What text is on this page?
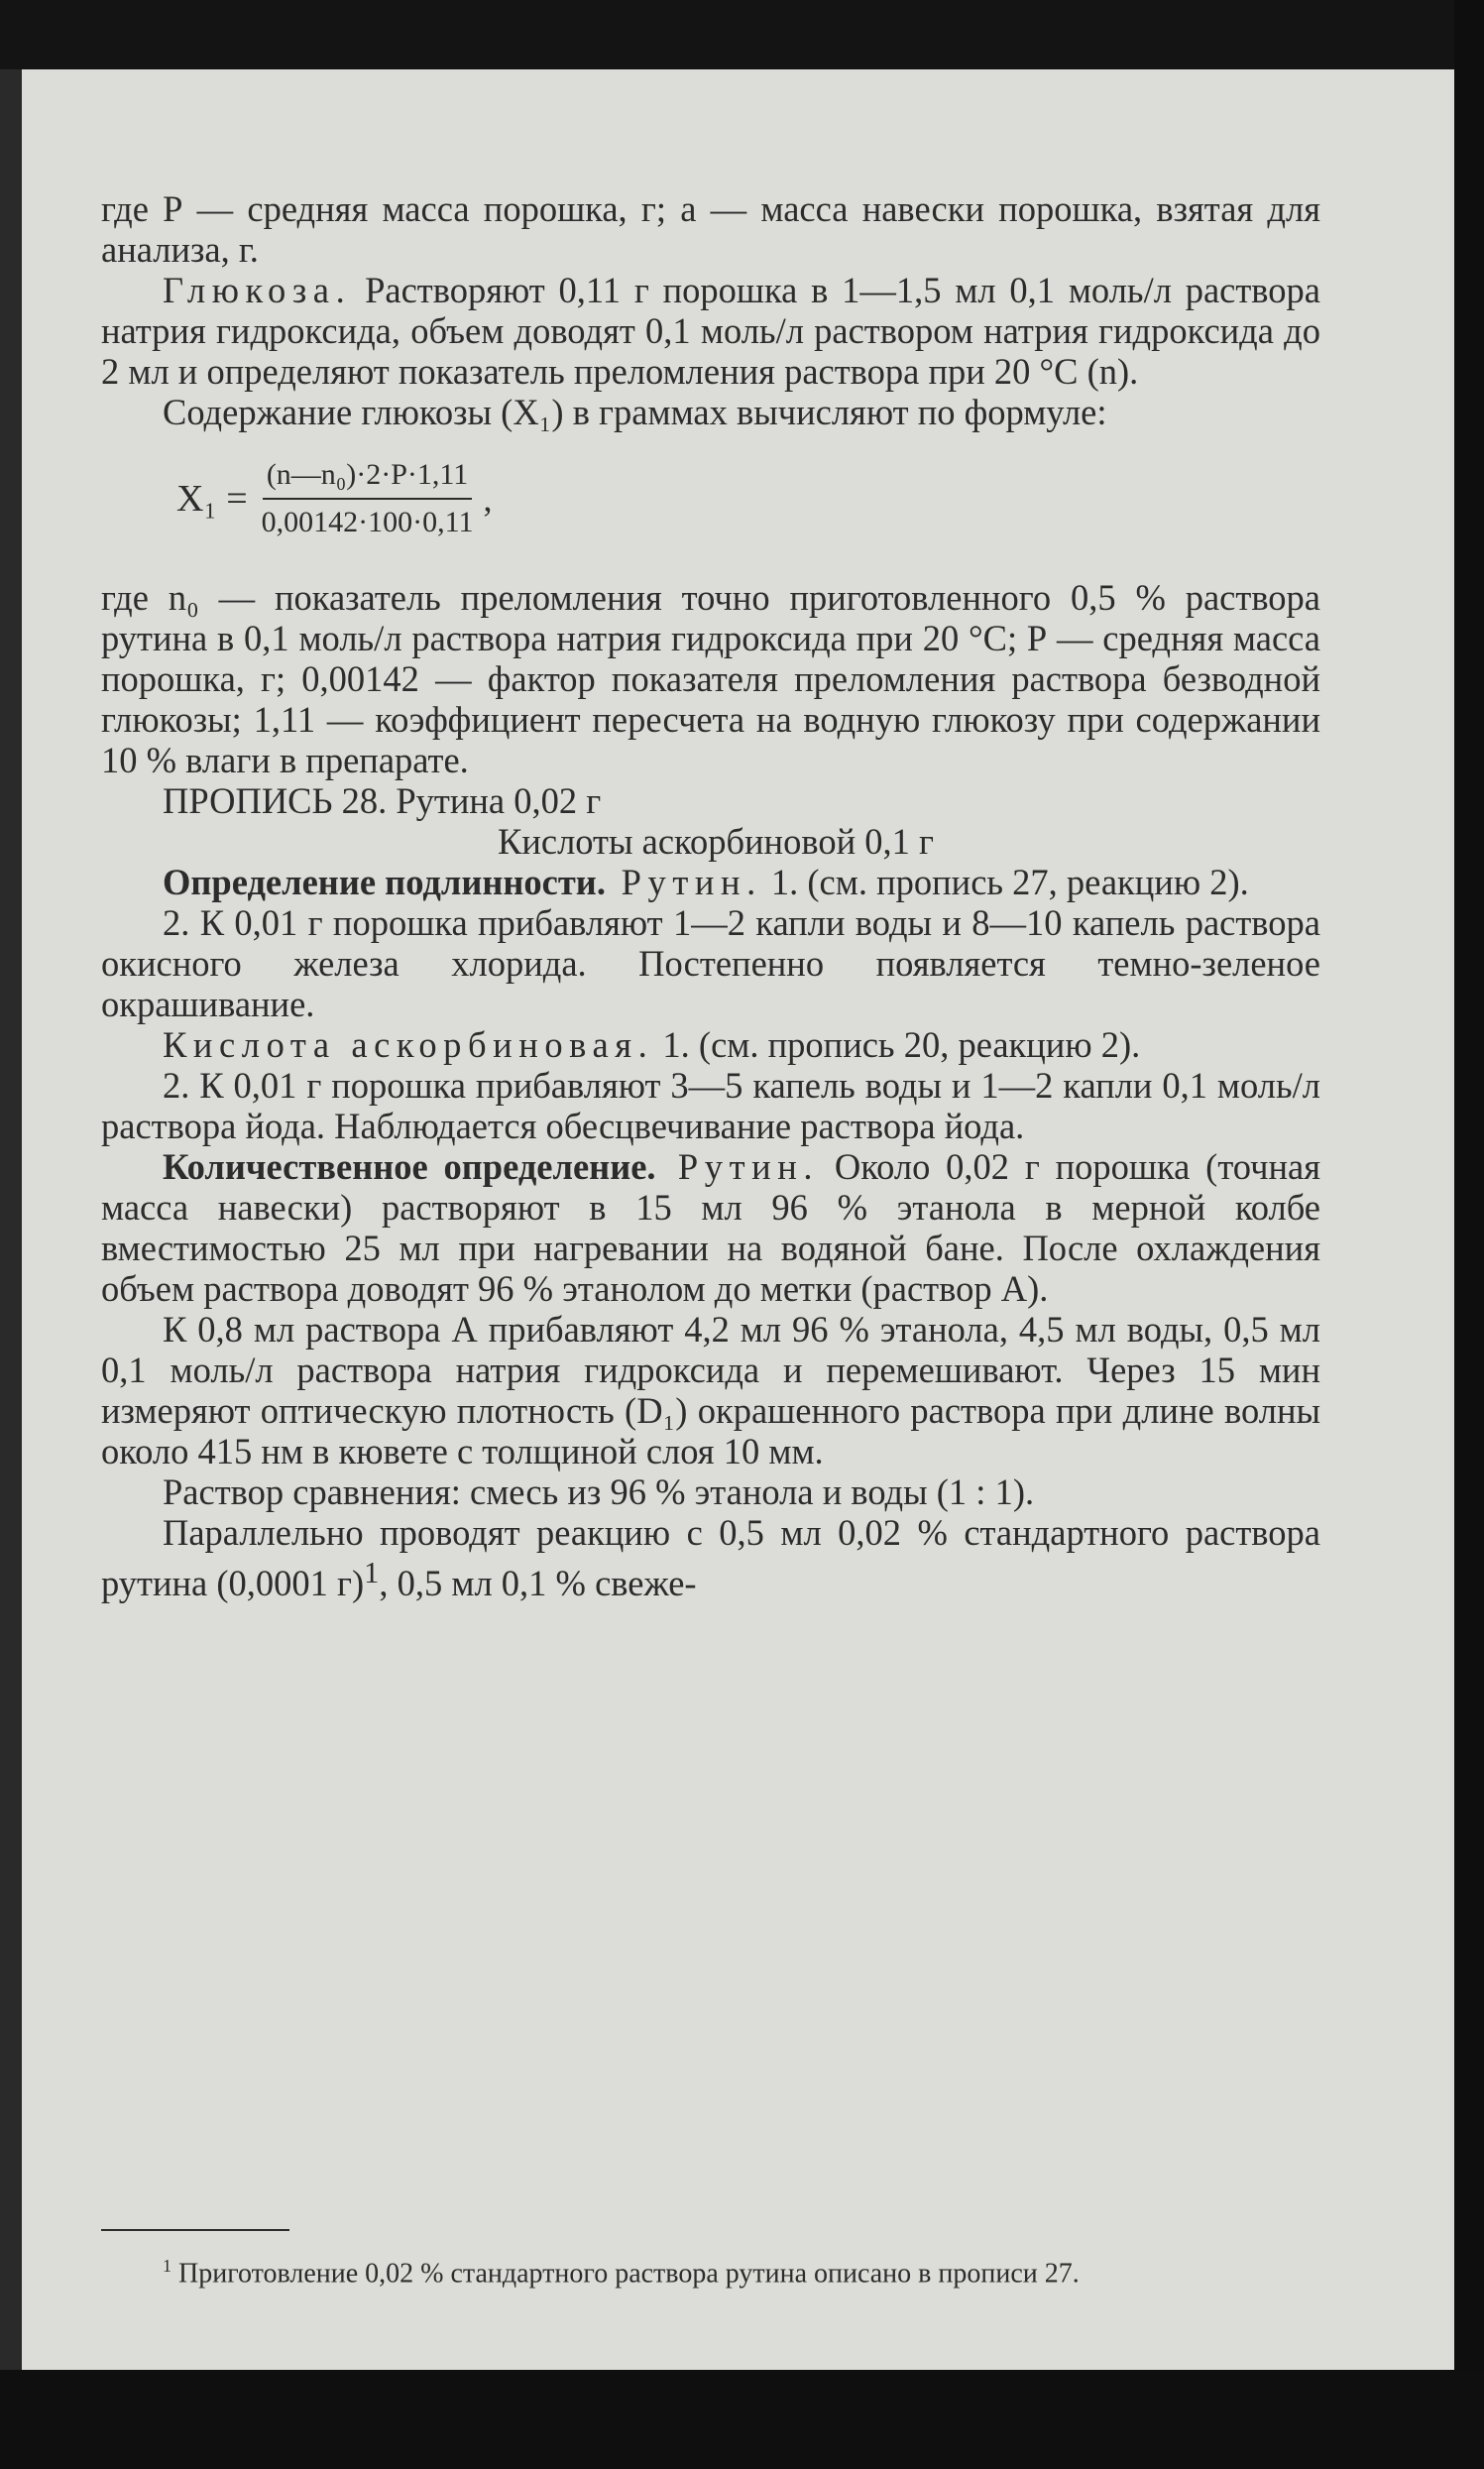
где Р — средняя масса порошка, г; а — масса навески порошка, взятая для анализа, г.

Глюкоза. Растворяют 0,11 г порошка в 1—1,5 мл 0,1 моль/л раствора натрия гидроксида, объем доводят 0,1 моль/л раствором натрия гидроксида до 2 мл и определяют показатель преломления раствора при 20 °С (n).

Содержание глюкозы (X₁) в граммах вычисляют по формуле:

$X_1 = \frac{\text{(n—n₀)·2·P·1,11}}{0,00142\cdot 100\cdot 0,11}$ ,

где n₀ — показатель преломления точно приготовленного 0,5 % раствора рутина в 0,1 моль/л раствора натрия гидроксида при 20 °С; Р — средняя масса порошка, г; 0,00142 — фактор показателя преломления раствора безводной глюкозы; 1,11 — коэффициент пересчета на водную глюкозу при содержании 10 % влаги в препарате.

ПРОПИСЬ 28. Рутина 0,02 г

Кислоты аскорбиновой 0,1 г

Определение подлинности. Рутин. 1. (см. пропись 27, реакцию 2).

2. К 0,01 г порошка прибавляют 1—2 капли воды и 8—10 капель раствора окисного железа хлорида. Постепенно появляется темно-зеленое окрашивание.

Кислота аскорбиновая. 1. (см. пропись 20, реакцию 2).

2. К 0,01 г порошка прибавляют 3—5 капель воды и 1—2 капли 0,1 моль/л раствора йода. Наблюдается обесцвечивание раствора йода.

Количественное определение. Рутин. Около 0,02 г порошка (точная масса навески) растворяют в 15 мл 96 % этанола в мерной колбе вместимостью 25 мл при нагревании на водяной бане. После охлаждения объем раствора доводят 96 % этанолом до метки (раствор А).

К 0,8 мл раствора А прибавляют 4,2 мл 96 % этанола, 4,5 мл воды, 0,5 мл 0,1 моль/л раствора натрия гидроксида и перемешивают. Через 15 мин измеряют оптическую плотность (D₁) окрашенного раствора при длине волны около 415 нм в кювете с толщиной слоя 10 мм.

Раствор сравнения: смесь из 96 % этанола и воды (1 : 1).

Параллельно проводят реакцию с 0,5 мл 0,02 % стандартного раствора рутина (0,0001 г)$^1$, 0,5 мл 0,1 % свеже-

$^1$ Приготовление 0,02 % стандартного раствора рутина описано в прописи 27.
